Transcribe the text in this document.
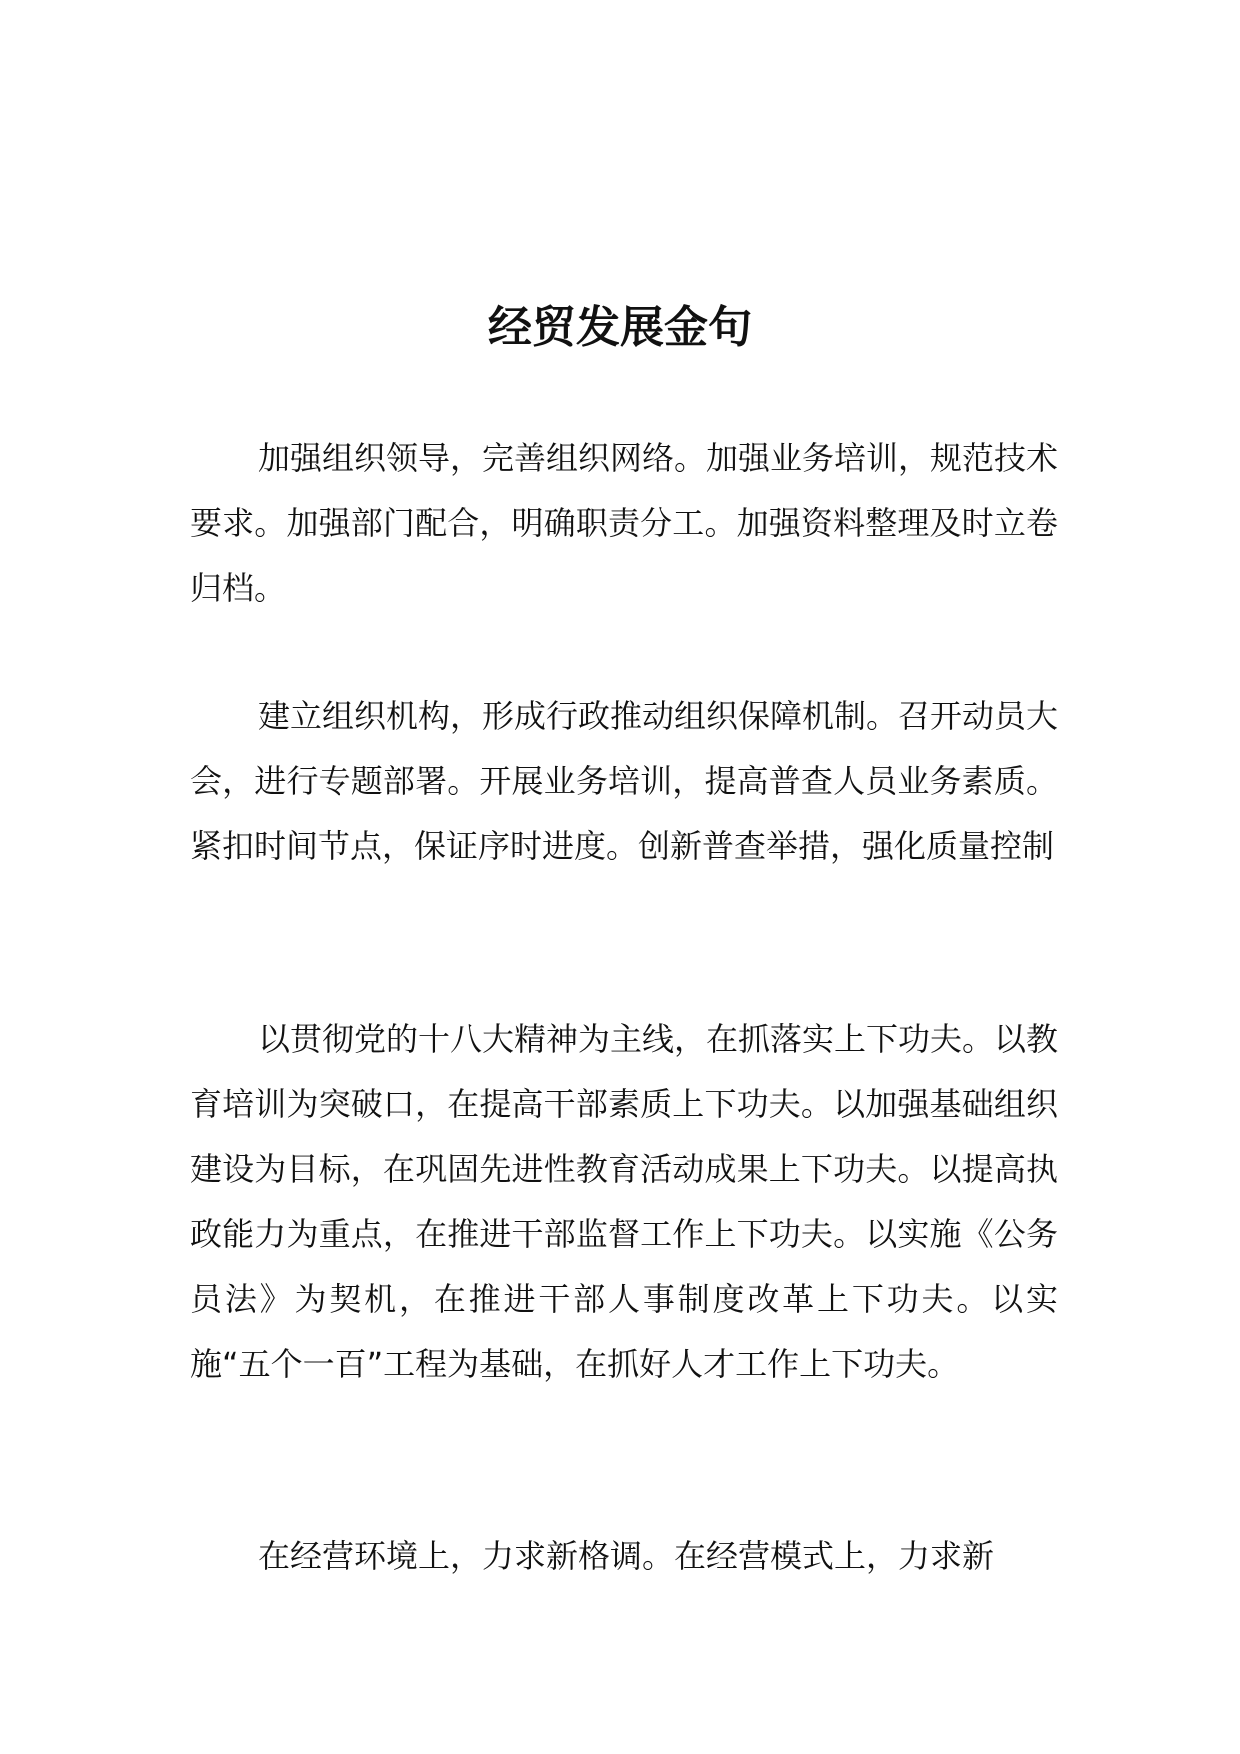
经贸发展金句

加强组织领导，完善组织网络。加强业务培训，规范技术要求。加强部门配合，明确职责分工。加强资料整理及时立卷归档。

建立组织机构，形成行政推动组织保障机制。召开动员大会，进行专题部署。开展业务培训，提高普查人员业务素质。紧扣时间节点，保证序时进度。创新普查举措，强化质量控制

以贯彻党的十八大精神为主线，在抓落实上下功夫。以教育培训为突破口，在提高干部素质上下功夫。以加强基础组织建设为目标，在巩固先进性教育活动成果上下功夫。以提高执政能力为重点，在推进干部监督工作上下功夫。以实施《公务员法》为契机，在推进干部人事制度改革上下功夫。以实施“五个一百”工程为基础，在抓好人才工作上下功夫。

在经营环境上，力求新格调。在经营模式上，力求新
